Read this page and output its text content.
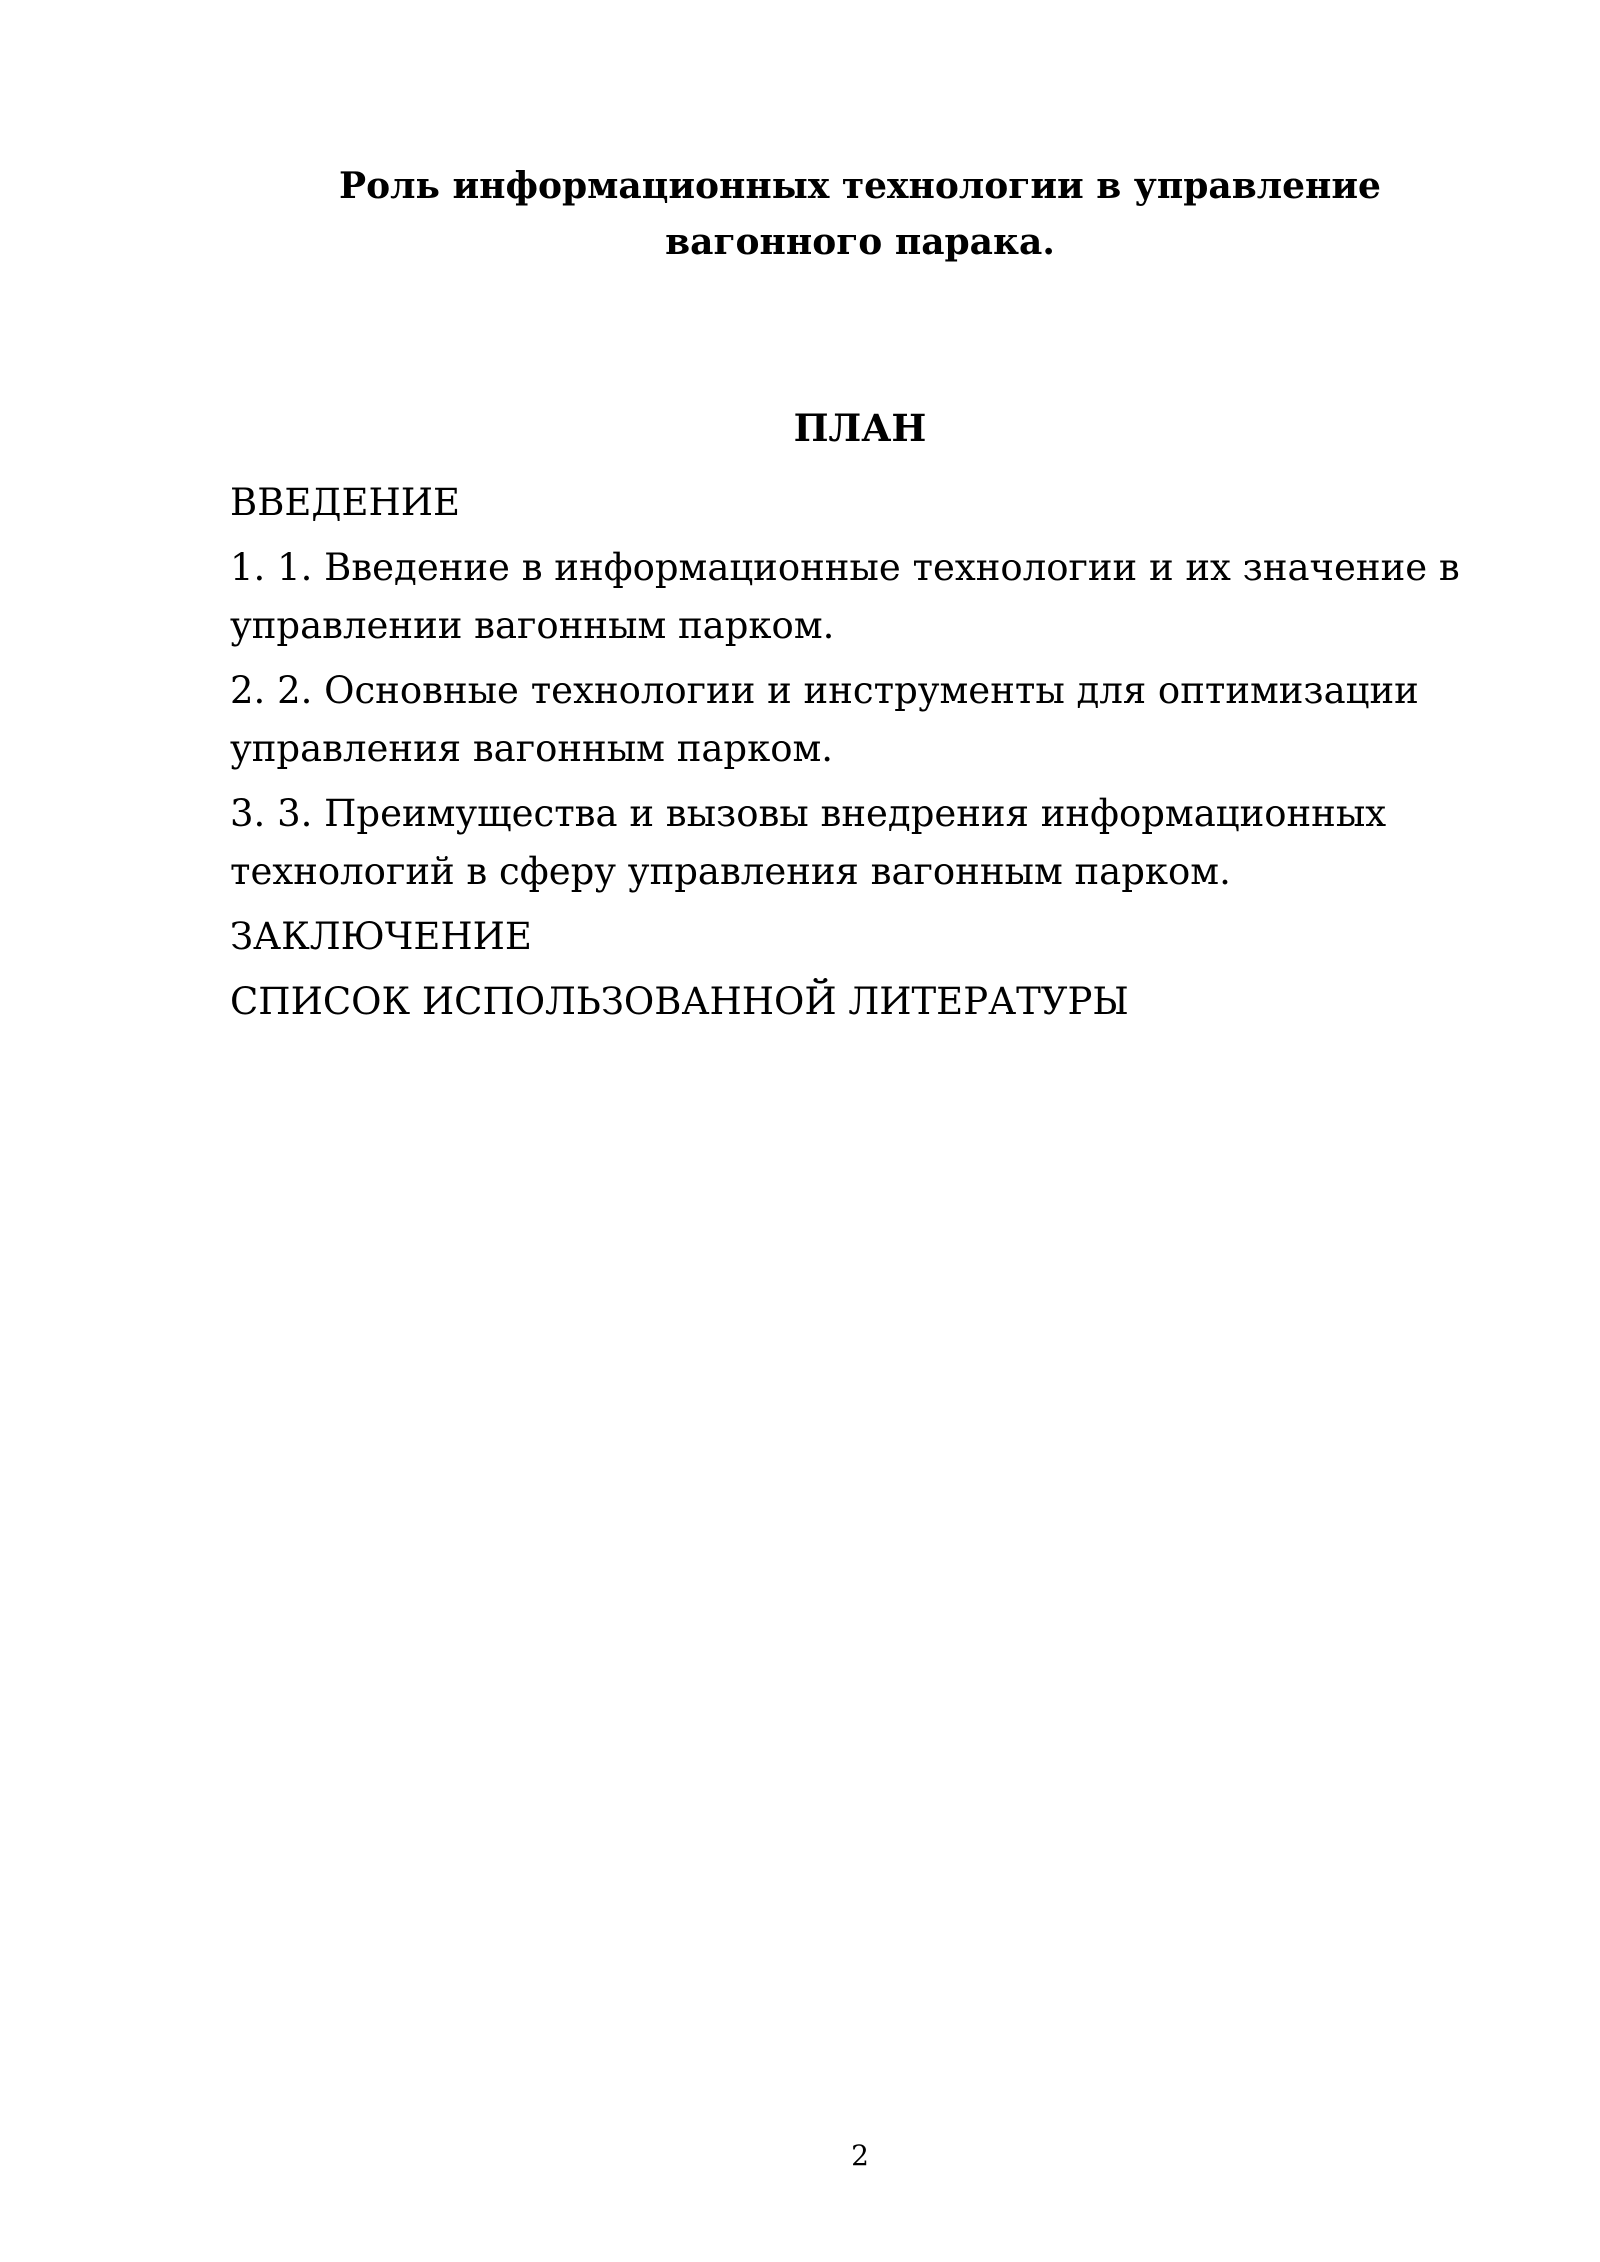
Роль информационных технологии в управление вагонного парака.
ПЛАН
ВВЕДЕНИЕ
1. 1. Введение в информационные технологии и их значение в управлении вагонным парком.
2. 2. Основные технологии и инструменты для оптимизации управления вагонным парком.
3. 3. Преимущества и вызовы внедрения информационных технологий в сферу управления вагонным парком.
ЗАКЛЮЧЕНИЕ
СПИСОК ИСПОЛЬЗОВАННОЙ ЛИТЕРАТУРЫ
2
